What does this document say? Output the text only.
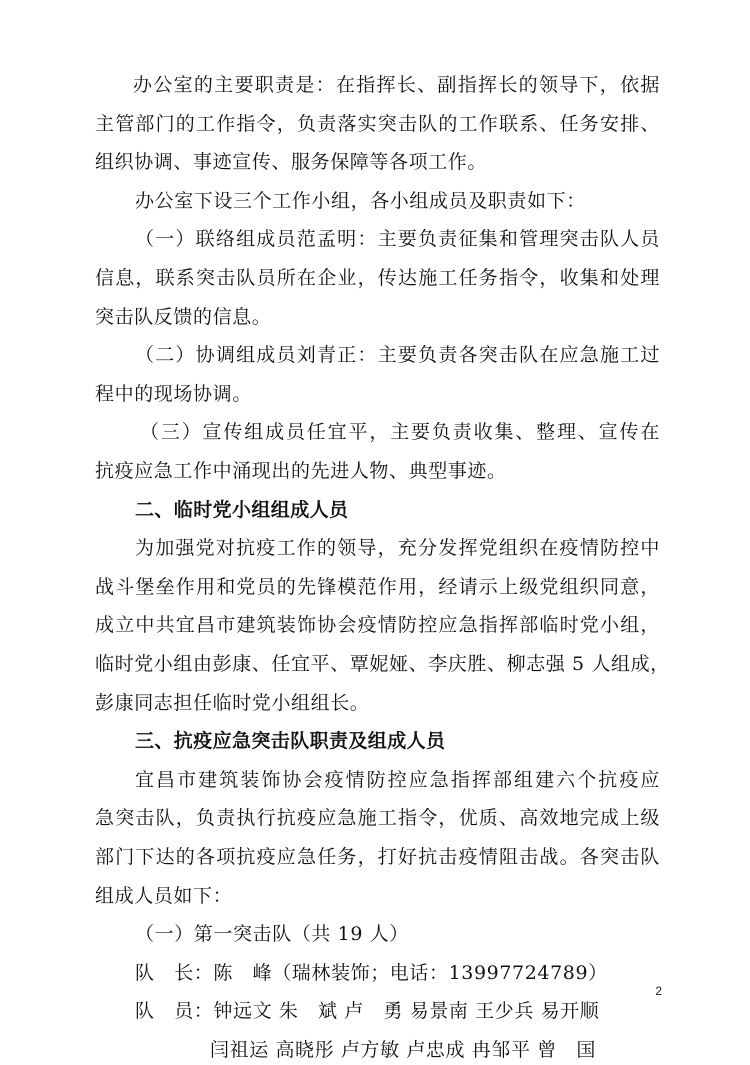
办公室的主要职责是：在指挥长、副指挥长的领导下，依据
主管部门的工作指令，负责落实突击队的工作联系、任务安排、
组织协调、事迹宣传、服务保障等各项工作。
办公室下设三个工作小组，各小组成员及职责如下：
（一）联络组成员范孟明：主要负责征集和管理突击队人员
信息，联系突击队员所在企业，传达施工任务指令，收集和处理
突击队反馈的信息。
（二）协调组成员刘青正：主要负责各突击队在应急施工过
程中的现场协调。
（三）宣传组成员任宜平，主要负责收集、整理、宣传在
抗疫应急工作中涌现出的先进人物、典型事迹。
二、临时党小组组成人员
为加强党对抗疫工作的领导，充分发挥党组织在疫情防控中
战斗堡垒作用和党员的先锋模范作用，经请示上级党组织同意，
成立中共宜昌市建筑装饰协会疫情防控应急指挥部临时党小组，
临时党小组由彭康、任宜平、覃妮娅、李庆胜、柳志强 5 人组成，
彭康同志担任临时党小组组长。
三、抗疫应急突击队职责及组成人员
宜昌市建筑装饰协会疫情防控应急指挥部组建六个抗疫应
急突击队，负责执行抗疫应急施工指令，优质、高效地完成上级
部门下达的各项抗疫应急任务，打好抗击疫情阻击战。各突击队
组成人员如下：
（一）第一突击队（共 19 人）
队　长：陈　峰（瑞林装饰；电话：13997724789）
队　员：钟远文 朱　斌 卢　勇 易景南 王少兵 易开顺
闫祖运 高晓彤 卢方敏 卢忠成 冉邹平 曾　国
2
